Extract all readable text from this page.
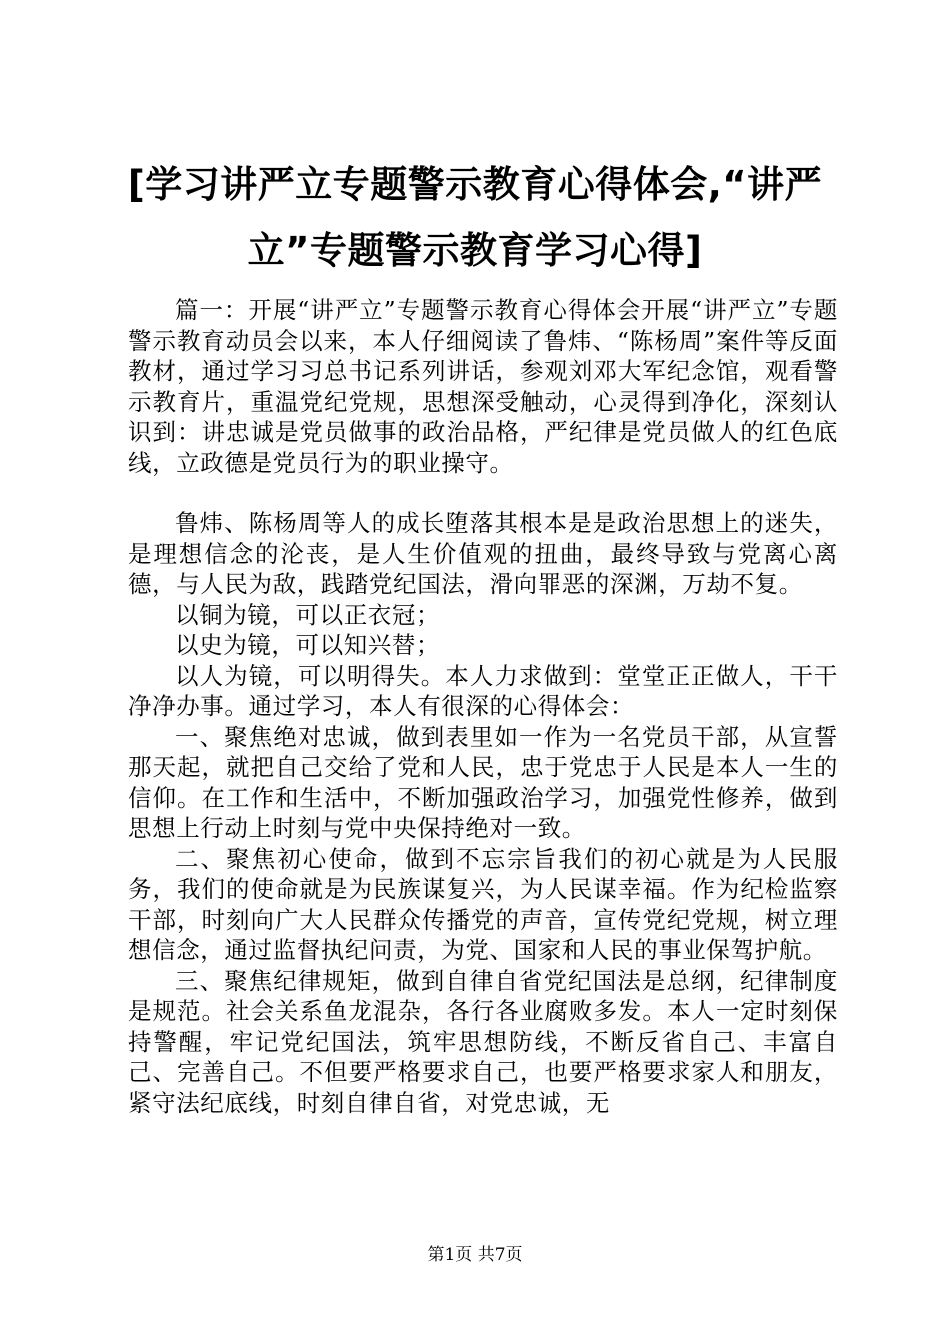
[学习讲严立专题警示教育心得体会,“讲严
立”专题警示教育学习心得]

篇一：开展“讲严立”专题警示教育心得体会开展“讲严立”专题警示教育动员会以来，本人仔细阅读了鲁炜、“陈杨周”案件等反面教材，通过学习习总书记系列讲话，参观刘邓大军纪念馆，观看警示教育片，重温党纪党规，思想深受触动，心灵得到净化，深刻认识到：讲忠诚是党员做事的政治品格，严纪律是党员做人的红色底线，立政德是党员行为的职业操守。

鲁炜、陈杨周等人的成长堕落其根本是是政治思想上的迷失，是理想信念的沦丧，是人生价值观的扭曲，最终导致与党离心离德，与人民为敌，践踏党纪国法，滑向罪恶的深渊，万劫不复。

以铜为镜，可以正衣冠；

以史为镜，可以知兴替；

以人为镜，可以明得失。本人力求做到：堂堂正正做人，干干净净办事。通过学习，本人有很深的心得体会：

一、聚焦绝对忠诚，做到表里如一作为一名党员干部，从宣誓那天起，就把自己交给了党和人民，忠于党忠于人民是本人一生的信仰。在工作和生活中，不断加强政治学习，加强党性修养，做到思想上行动上时刻与党中央保持绝对一致。

二、聚焦初心使命，做到不忘宗旨我们的初心就是为人民服务，我们的使命就是为民族谋复兴，为人民谋幸福。作为纪检监察干部，时刻向广大人民群众传播党的声音，宣传党纪党规，树立理想信念，通过监督执纪问责，为党、国家和人民的事业保驾护航。

三、聚焦纪律规矩，做到自律自省党纪国法是总纲，纪律制度是规范。社会关系鱼龙混杂，各行各业腐败多发。本人一定时刻保持警醒，牢记党纪国法，筑牢思想防线，不断反省自己、丰富自己、完善自己。不但要严格要求自己，也要严格要求家人和朋友，紧守法纪底线，时刻自律自省，对党忠诚，无

第1页 共7页
